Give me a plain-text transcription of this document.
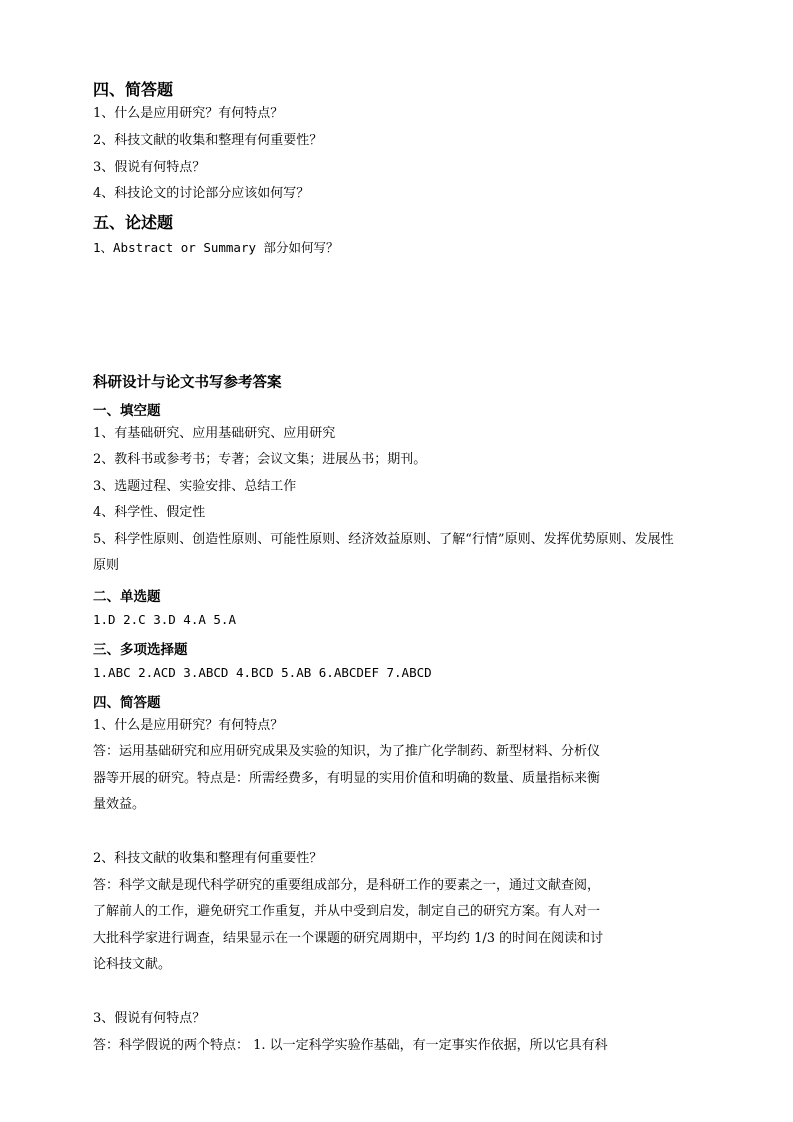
四、简答题

1、什么是应用研究？有何特点？

2、科技文献的收集和整理有何重要性？

3、假说有何特点？

4、科技论文的讨论部分应该如何写？

五、论述题

1、Abstract or Summary 部分如何写？

科研设计与论文书写参考答案
一、填空题

1、有基础研究、应用基础研究、应用研究

2、教科书或参考书；专著；会议文集；进展丛书；期刊。

3、选题过程、实验安排、总结工作

4、科学性、假定性

5、科学性原则、创造性原则、可能性原则、经济效益原则、了解“行情”原则、发挥优势原则、发展性

原则

二、单选题

1.D 2.C 3.D 4.A 5.A

三、多项选择题

1.ABC 2.ACD 3.ABCD 4.BCD 5.AB 6.ABCDEF 7.ABCD

四、简答题

1、什么是应用研究？有何特点？

答：运用基础研究和应用研究成果及实验的知识，为了推广化学制药、新型材料、分析仪

器等开展的研究。特点是：所需经费多，有明显的实用价值和明确的数量、质量指标来衡

量效益。

2、科技文献的收集和整理有何重要性？

答：科学文献是现代科学研究的重要组成部分，是科研工作的要素之一，通过文献查阅，

了解前人的工作，避免研究工作重复，并从中受到启发，制定自己的研究方案。有人对一

大批科学家进行调查，结果显示在一个课题的研究周期中，平均约 1/3 的时间在阅读和讨

论科技文献。

3、假说有何特点？

答：科学假说的两个特点： 1. 以一定科学实验作基础，有一定事实作依据，所以它具有科
